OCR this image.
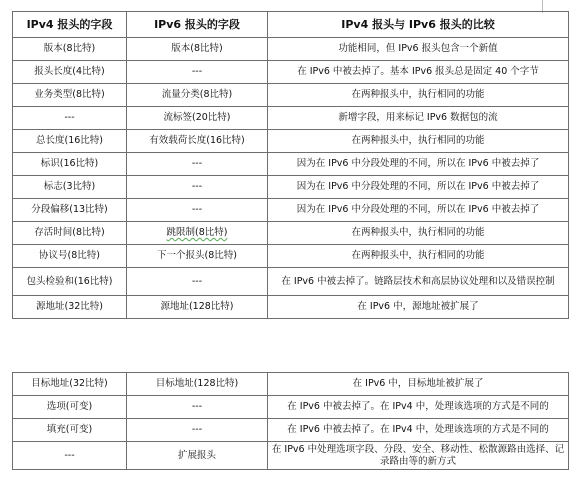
IPv4 报头的字段	IPv6 报头的字段	IPv4 报头与 IPv6 报头的比较
版本(8比特)	版本(8比特)	功能相同，但 IPv6 报头包含一个新值
报头长度(4比特)	---	在 IPv6 中被去掉了。基本 IPv6 报头总是固定 40 个字节
业务类型(8比特)	流量分类(8比特)	在两种报头中，执行相同的功能
---	流标签(20比特)	新增字段，用来标记 IPv6 数据包的流
总长度(16比特)	有效载荷长度(16比特)	在两种报头中，执行相同的功能
标识(16比特)	---	因为在 IPv6 中分段处理的不同，所以在 IPv6 中被去掉了
标志(3比特)	---	因为在 IPv6 中分段处理的不同，所以在 IPv6 中被去掉了
分段偏移(13比特)	---	因为在 IPv6 中分段处理的不同，所以在 IPv6 中被去掉了
存活时间(8比特)	跳限制(8比特)	在两种报头中，执行相同的功能
协议号(8比特)	下一个报头(8比特)	在两种报头中，执行相同的功能
包头检验和(16比特)	---	在 IPv6 中被去掉了。链路层技术和高层协议处理和以及错误控制
源地址(32比特)	源地址(128比特)	在 IPv6 中，源地址被扩展了
目标地址(32比特)	目标地址(128比特)	在 IPv6 中，目标地址被扩展了
选项(可变)	---	在 IPv6 中被去掉了。在 IPv4 中，处理该选项的方式是不同的
填充(可变)	---	在 IPv6 中被去掉了。在 IPv4 中，处理该选项的方式是不同的
---	扩展报头	在 IPv6 中处理选项字段、分段、安全、移动性、松散源路由选择、记录路由等的新方式
